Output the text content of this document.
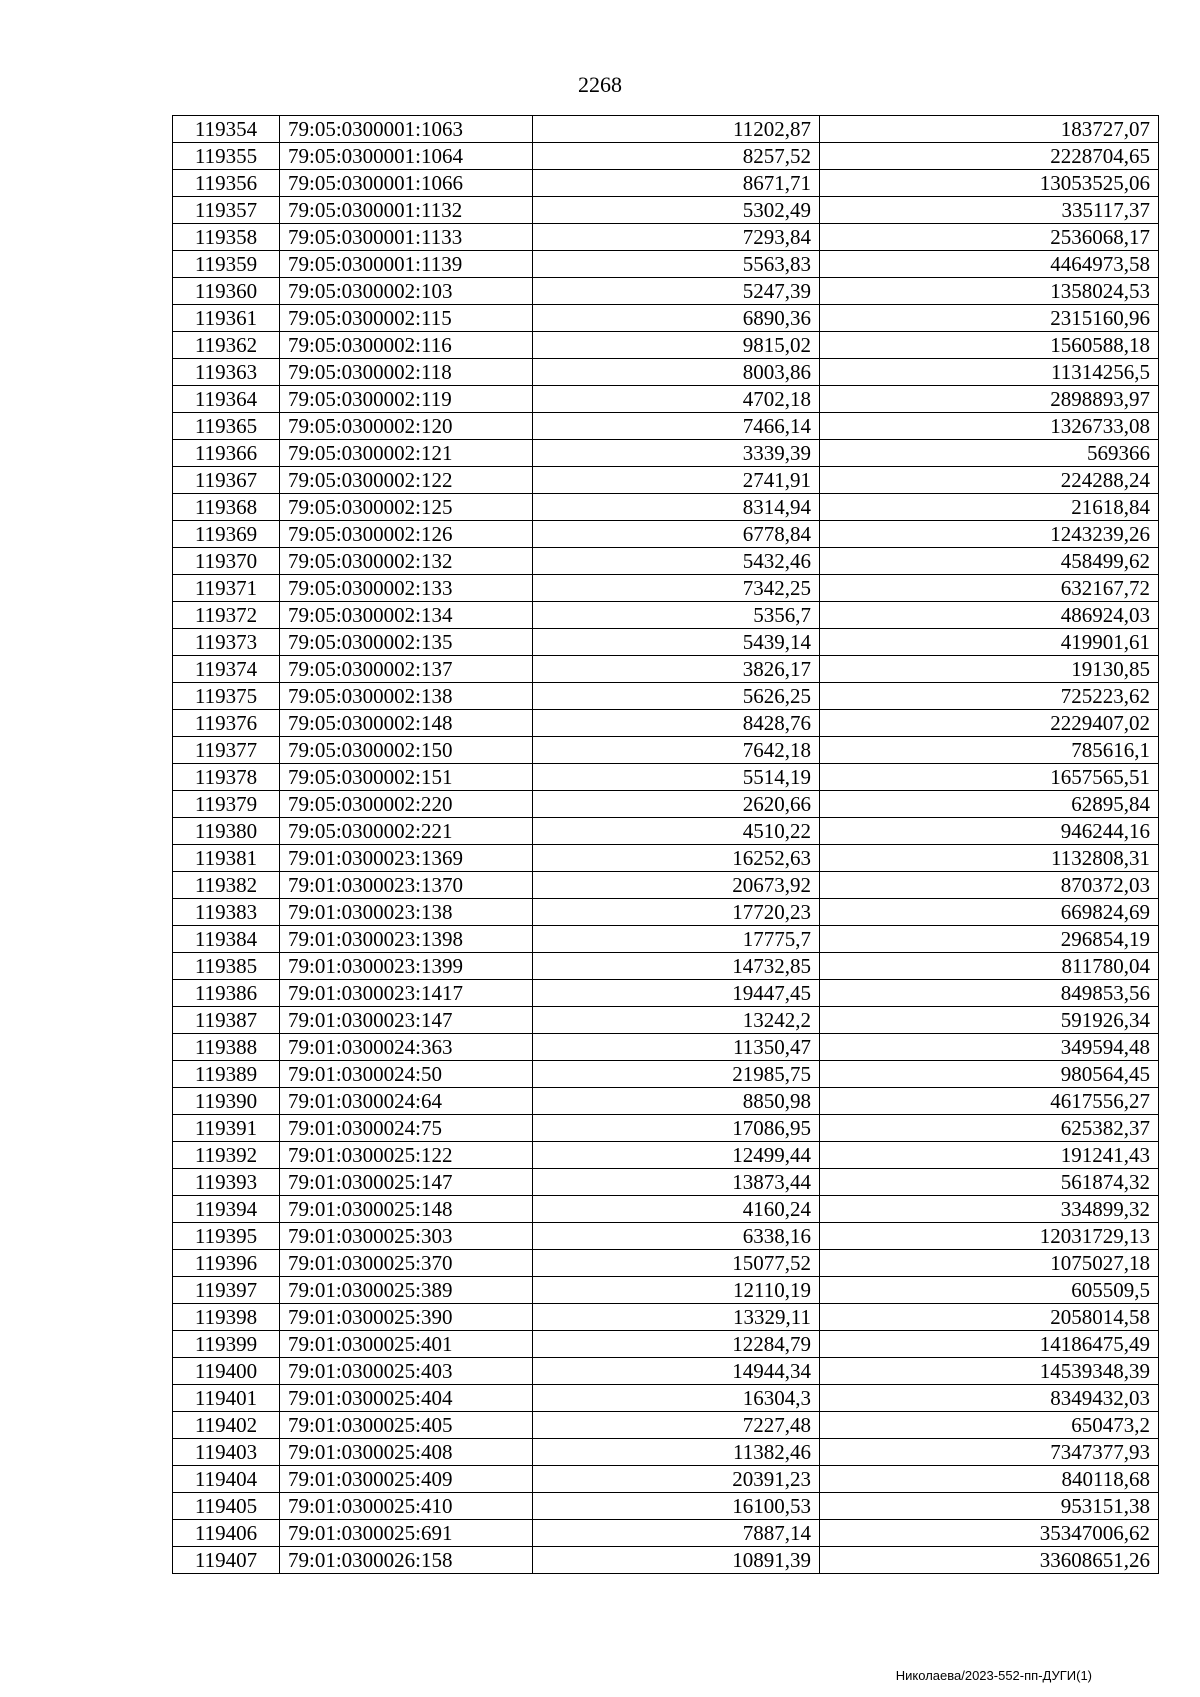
2268
119354	79:05:0300001:1063	11202,87	183727,07
119355	79:05:0300001:1064	8257,52	2228704,65
119356	79:05:0300001:1066	8671,71	13053525,06
119357	79:05:0300001:1132	5302,49	335117,37
119358	79:05:0300001:1133	7293,84	2536068,17
119359	79:05:0300001:1139	5563,83	4464973,58
119360	79:05:0300002:103	5247,39	1358024,53
119361	79:05:0300002:115	6890,36	2315160,96
119362	79:05:0300002:116	9815,02	1560588,18
119363	79:05:0300002:118	8003,86	11314256,5
119364	79:05:0300002:119	4702,18	2898893,97
119365	79:05:0300002:120	7466,14	1326733,08
119366	79:05:0300002:121	3339,39	569366
119367	79:05:0300002:122	2741,91	224288,24
119368	79:05:0300002:125	8314,94	21618,84
119369	79:05:0300002:126	6778,84	1243239,26
119370	79:05:0300002:132	5432,46	458499,62
119371	79:05:0300002:133	7342,25	632167,72
119372	79:05:0300002:134	5356,7	486924,03
119373	79:05:0300002:135	5439,14	419901,61
119374	79:05:0300002:137	3826,17	19130,85
119375	79:05:0300002:138	5626,25	725223,62
119376	79:05:0300002:148	8428,76	2229407,02
119377	79:05:0300002:150	7642,18	785616,1
119378	79:05:0300002:151	5514,19	1657565,51
119379	79:05:0300002:220	2620,66	62895,84
119380	79:05:0300002:221	4510,22	946244,16
119381	79:01:0300023:1369	16252,63	1132808,31
119382	79:01:0300023:1370	20673,92	870372,03
119383	79:01:0300023:138	17720,23	669824,69
119384	79:01:0300023:1398	17775,7	296854,19
119385	79:01:0300023:1399	14732,85	811780,04
119386	79:01:0300023:1417	19447,45	849853,56
119387	79:01:0300023:147	13242,2	591926,34
119388	79:01:0300024:363	11350,47	349594,48
119389	79:01:0300024:50	21985,75	980564,45
119390	79:01:0300024:64	8850,98	4617556,27
119391	79:01:0300024:75	17086,95	625382,37
119392	79:01:0300025:122	12499,44	191241,43
119393	79:01:0300025:147	13873,44	561874,32
119394	79:01:0300025:148	4160,24	334899,32
119395	79:01:0300025:303	6338,16	12031729,13
119396	79:01:0300025:370	15077,52	1075027,18
119397	79:01:0300025:389	12110,19	605509,5
119398	79:01:0300025:390	13329,11	2058014,58
119399	79:01:0300025:401	12284,79	14186475,49
119400	79:01:0300025:403	14944,34	14539348,39
119401	79:01:0300025:404	16304,3	8349432,03
119402	79:01:0300025:405	7227,48	650473,2
119403	79:01:0300025:408	11382,46	7347377,93
119404	79:01:0300025:409	20391,23	840118,68
119405	79:01:0300025:410	16100,53	953151,38
119406	79:01:0300025:691	7887,14	35347006,62
119407	79:01:0300026:158	10891,39	33608651,26
Николаева/2023-552-пп-ДУГИ(1)
